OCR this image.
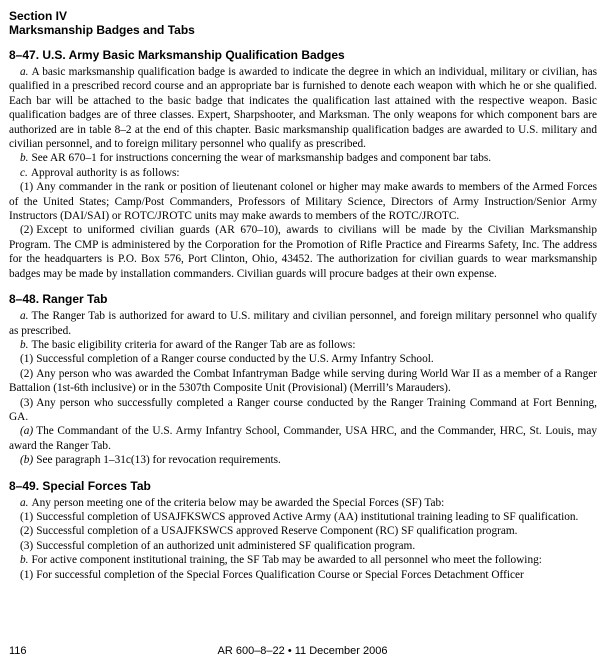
Section IV
Marksmanship Badges and Tabs
8–47. U.S. Army Basic Marksmanship Qualification Badges

a. A basic marksmanship qualification badge is awarded to indicate the degree in which an individual, military or civilian, has qualified in a prescribed record course and an appropriate bar is furnished to denote each weapon with which he or she qualified. Each bar will be attached to the basic badge that indicates the qualification last attained with the respective weapon. Basic qualification badges are of three classes. Expert, Sharpshooter, and Marksman. The only weapons for which component bars are authorized are in table 8–2 at the end of this chapter. Basic marksmanship qualification badges are awarded to U.S. military and civilian personnel, and to foreign military personnel who qualify as prescribed.

b. See AR 670–1 for instructions concerning the wear of marksmanship badges and component bar tabs.

c. Approval authority is as follows:

(1) Any commander in the rank or position of lieutenant colonel or higher may make awards to members of the Armed Forces of the United States; Camp/Post Commanders, Professors of Military Science, Directors of Army Instruction/Senior Army Instructors (DAI/SAI) or ROTC/JROTC units may make awards to members of the ROTC/JROTC.

(2) Except to uniformed civilian guards (AR 670–10), awards to civilians will be made by the Civilian Marksmanship Program. The CMP is administered by the Corporation for the Promotion of Rifle Practice and Firearms Safety, Inc. The address for the headquarters is P.O. Box 576, Port Clinton, Ohio, 43452. The authorization for civilian guards to wear marksmanship badges may be made by installation commanders. Civilian guards will procure badges at their own expense.

8–48. Ranger Tab

a. The Ranger Tab is authorized for award to U.S. military and civilian personnel, and foreign military personnel who qualify as prescribed.

b. The basic eligibility criteria for award of the Ranger Tab are as follows:

(1) Successful completion of a Ranger course conducted by the U.S. Army Infantry School.

(2) Any person who was awarded the Combat Infantryman Badge while serving during World War II as a member of a Ranger Battalion (1st-6th inclusive) or in the 5307th Composite Unit (Provisional) (Merrill’s Marauders).

(3) Any person who successfully completed a Ranger course conducted by the Ranger Training Command at Fort Benning, GA.

(a) The Commandant of the U.S. Army Infantry School, Commander, USA HRC, and the Commander, HRC, St. Louis, may award the Ranger Tab.

(b) See paragraph 1–31c(13) for revocation requirements.

8–49. Special Forces Tab

a. Any person meeting one of the criteria below may be awarded the Special Forces (SF) Tab:

(1) Successful completion of USAJFKSWCS approved Active Army (AA) institutional training leading to SF qualification.

(2) Successful completion of a USAJFKSWCS approved Reserve Component (RC) SF qualification program.

(3) Successful completion of an authorized unit administered SF qualification program.

b. For active component institutional training, the SF Tab may be awarded to all personnel who meet the following:

(1) For successful completion of the Special Forces Qualification Course or Special Forces Detachment Officer

116	AR 600–8–22 • 11 December 2006
